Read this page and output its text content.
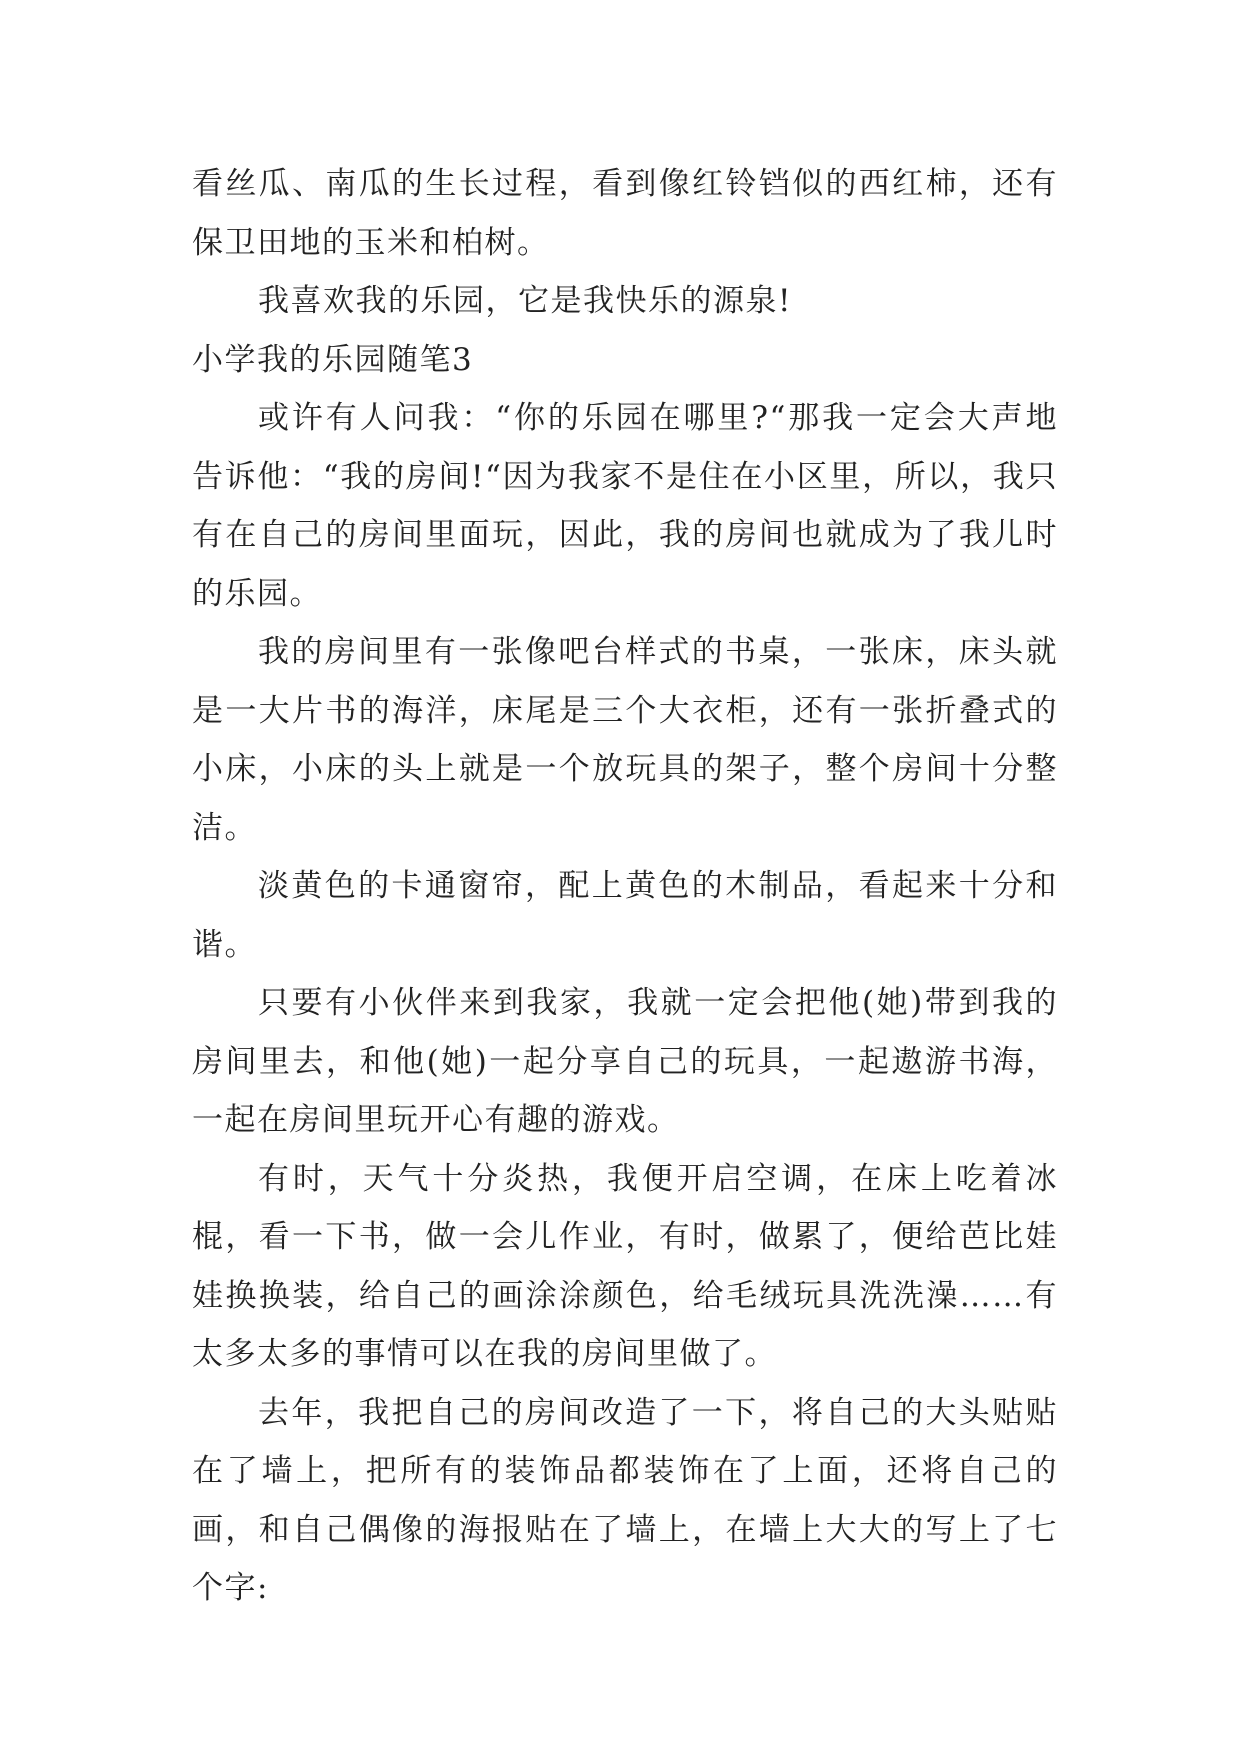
看丝瓜、南瓜的生长过程，看到像红铃铛似的西红柿，还有保卫田地的玉米和柏树。

我喜欢我的乐园，它是我快乐的源泉!

小学我的乐园随笔3

或许有人问我：“你的乐园在哪里?“那我一定会大声地告诉他：“我的房间!“因为我家不是住在小区里，所以，我只有在自己的房间里面玩，因此，我的房间也就成为了我儿时的乐园。

我的房间里有一张像吧台样式的书桌，一张床，床头就是一大片书的海洋，床尾是三个大衣柜，还有一张折叠式的小床，小床的头上就是一个放玩具的架子，整个房间十分整洁。

淡黄色的卡通窗帘，配上黄色的木制品，看起来十分和谐。

只要有小伙伴来到我家，我就一定会把他(她)带到我的房间里去，和他(她)一起分享自己的玩具，一起遨游书海，一起在房间里玩开心有趣的游戏。

有时，天气十分炎热，我便开启空调，在床上吃着冰棍，看一下书，做一会儿作业，有时，做累了，便给芭比娃娃换换装，给自己的画涂涂颜色，给毛绒玩具洗洗澡……有太多太多的事情可以在我的房间里做了。

去年，我把自己的房间改造了一下，将自己的大头贴贴在了墙上，把所有的装饰品都装饰在了上面，还将自己的画，和自己偶像的海报贴在了墙上，在墙上大大的写上了七个字:
